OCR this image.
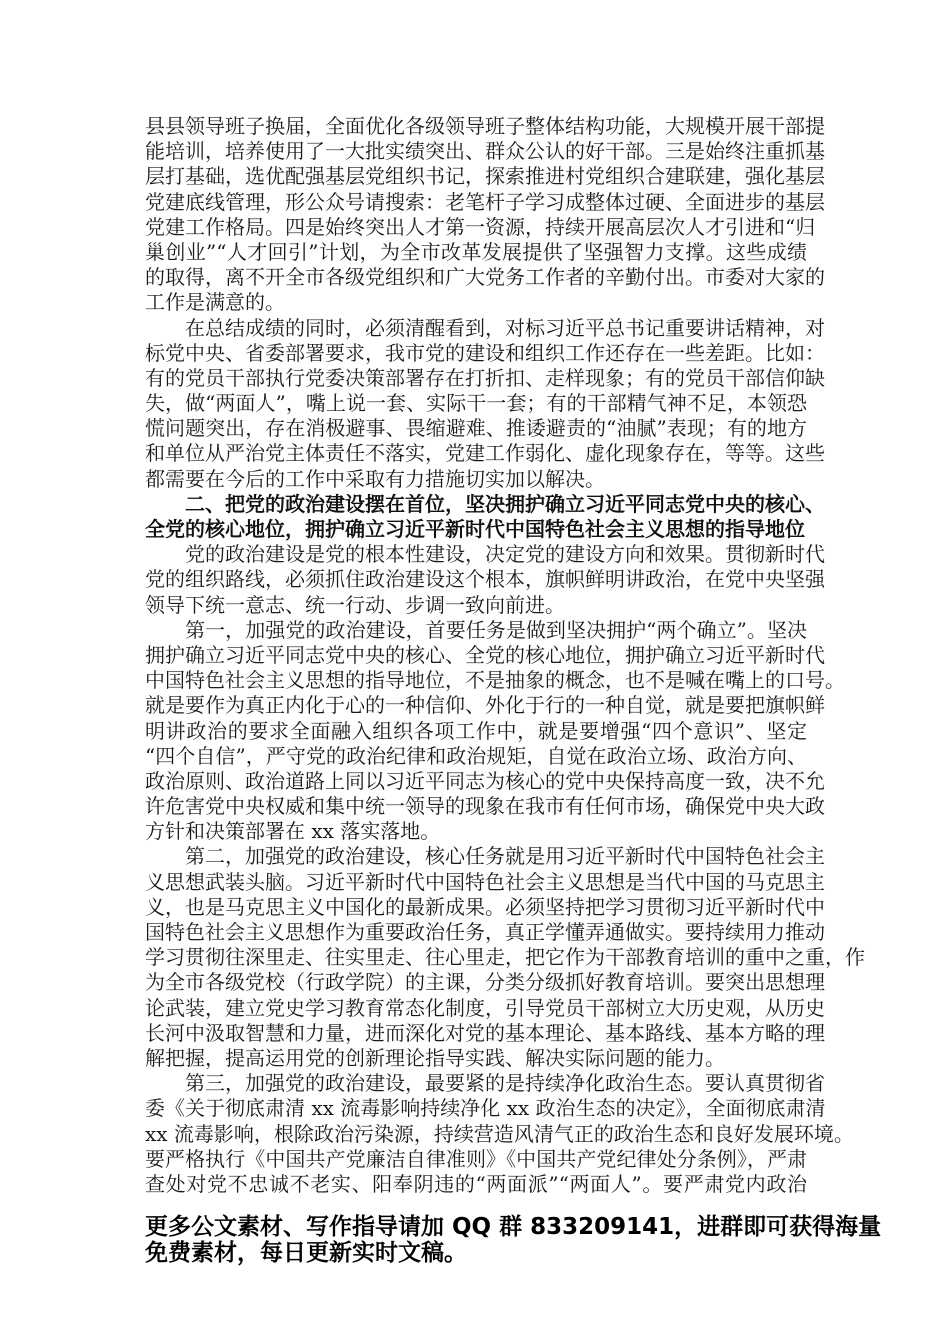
县县领导班子换届，全面优化各级领导班子整体结构功能，大规模开展干部提
能培训，培养使用了一大批实绩突出、群众公认的好干部。三是始终注重抓基
层打基础，选优配强基层党组织书记，探索推进村党组织合建联建，强化基层
党建底线管理，形公众号请搜索：老笔杆子学习成整体过硬、全面进步的基层
党建工作格局。四是始终突出人才第一资源，持续开展高层次人才引进和“归
巢创业”“人才回引”计划，为全市改革发展提供了坚强智力支撑。这些成绩
的取得，离不开全市各级党组织和广大党务工作者的辛勤付出。市委对大家的
工作是满意的。
　　在总结成绩的同时，必须清醒看到，对标习近平总书记重要讲话精神，对
标党中央、省委部署要求，我市党的建设和组织工作还存在一些差距。比如：
有的党员干部执行党委决策部署存在打折扣、走样现象；有的党员干部信仰缺
失，做“两面人”，嘴上说一套、实际干一套；有的干部精气神不足，本领恐
慌问题突出，存在消极避事、畏缩避难、推诿避责的“油腻”表现；有的地方
和单位从严治党主体责任不落实，党建工作弱化、虚化现象存在，等等。这些
都需要在今后的工作中采取有力措施切实加以解决。
　　二、把党的政治建设摆在首位，坚决拥护确立习近平同志党中央的核心、
全党的核心地位，拥护确立习近平新时代中国特色社会主义思想的指导地位
　　党的政治建设是党的根本性建设，决定党的建设方向和效果。贯彻新时代
党的组织路线，必须抓住政治建设这个根本，旗帜鲜明讲政治，在党中央坚强
领导下统一意志、统一行动、步调一致向前进。
　　第一，加强党的政治建设，首要任务是做到坚决拥护“两个确立”。坚决
拥护确立习近平同志党中央的核心、全党的核心地位，拥护确立习近平新时代
中国特色社会主义思想的指导地位，不是抽象的概念，也不是喊在嘴上的口号。
就是要作为真正内化于心的一种信仰、外化于行的一种自觉，就是要把旗帜鲜
明讲政治的要求全面融入组织各项工作中，就是要增强“四个意识”、坚定
“四个自信”，严守党的政治纪律和政治规矩，自觉在政治立场、政治方向、
政治原则、政治道路上同以习近平同志为核心的党中央保持高度一致，决不允
许危害党中央权威和集中统一领导的现象在我市有任何市场，确保党中央大政
方针和决策部署在 xx 落实落地。
　　第二，加强党的政治建设，核心任务就是用习近平新时代中国特色社会主
义思想武装头脑。习近平新时代中国特色社会主义思想是当代中国的马克思主
义，也是马克思主义中国化的最新成果。必须坚持把学习贯彻习近平新时代中
国特色社会主义思想作为重要政治任务，真正学懂弄通做实。要持续用力推动
学习贯彻往深里走、往实里走、往心里走，把它作为干部教育培训的重中之重，作
为全市各级党校（行政学院）的主课，分类分级抓好教育培训。要突出思想理
论武装，建立党史学习教育常态化制度，引导党员干部树立大历史观，从历史
长河中汲取智慧和力量，进而深化对党的基本理论、基本路线、基本方略的理
解把握，提高运用党的创新理论指导实践、解决实际问题的能力。
　　第三，加强党的政治建设，最要紧的是持续净化政治生态。要认真贯彻省
委《关于彻底肃清 xx 流毒影响持续净化 xx 政治生态的决定》，全面彻底肃清
xx 流毒影响，根除政治污染源，持续营造风清气正的政治生态和良好发展环境。
要严格执行《中国共产党廉洁自律准则》《中国共产党纪律处分条例》，严肃
查处对党不忠诚不老实、阳奉阴违的“两面派”“两面人”。要严肃党内政治
更多公文素材、写作指导请加 QQ 群 833209141，进群即可获得海量
免费素材，每日更新实时文稿。
